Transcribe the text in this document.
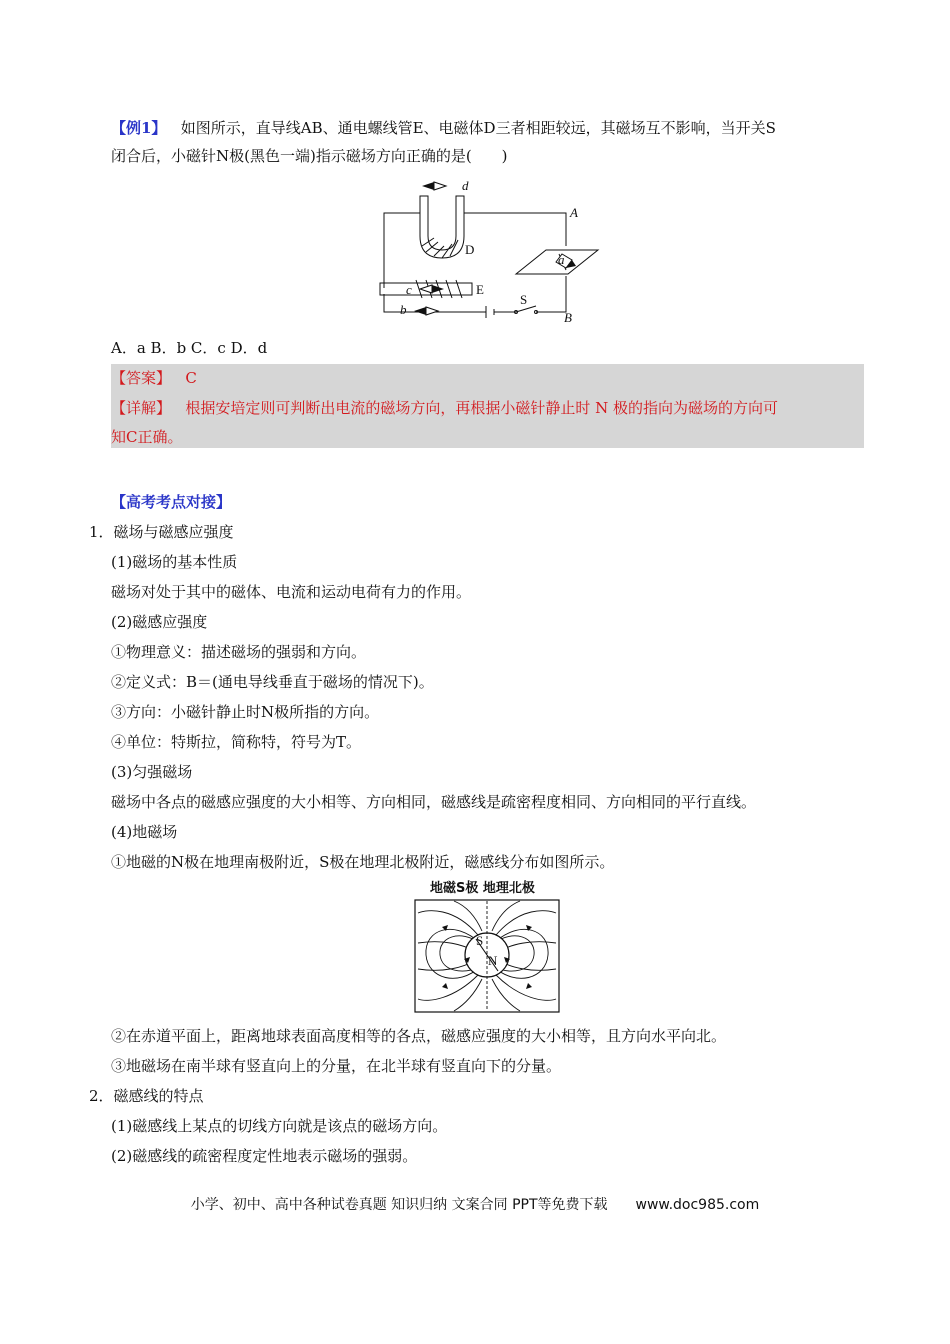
【例1】 如图所示，直导线AB、通电螺线管E、电磁体D三者相距较远，其磁场互不影响，当开关S
闭合后，小磁针N极(黑色一端)指示磁场方向正确的是(　　)
d
A
D
a
c	E
b
S
B
A．a B．b C．c D．d
【答案】 C
【详解】 根据安培定则可判断出电流的磁场方向，再根据小磁针静止时 N 极的指向为磁场的方向可
知C正确。
【高考考点对接】
1．磁场与磁感应强度
(1)磁场的基本性质
磁场对处于其中的磁体、电流和运动电荷有力的作用。
(2)磁感应强度
①物理意义：描述磁场的强弱和方向。
②定义式：B＝(通电导线垂直于磁场的情况下)。
③方向：小磁针静止时N极所指的方向。
④单位：特斯拉，简称特，符号为T。
(3)匀强磁场
磁场中各点的磁感应强度的大小相等、方向相同，磁感线是疏密程度相同、方向相同的平行直线。
(4)地磁场
①地磁的N极在地理南极附近，S极在地理北极附近，磁感线分布如图所示。
地磁S极 地理北极
S
N
②在赤道平面上，距离地球表面高度相等的各点，磁感应强度的大小相等，且方向水平向北。
③地磁场在南半球有竖直向上的分量，在北半球有竖直向下的分量。
2．磁感线的特点
(1)磁感线上某点的切线方向就是该点的磁场方向。
(2)磁感线的疏密程度定性地表示磁场的强弱。
小学、初中、高中各种试卷真题 知识归纳 文案合同 PPT等免费下载 www.doc985.com
